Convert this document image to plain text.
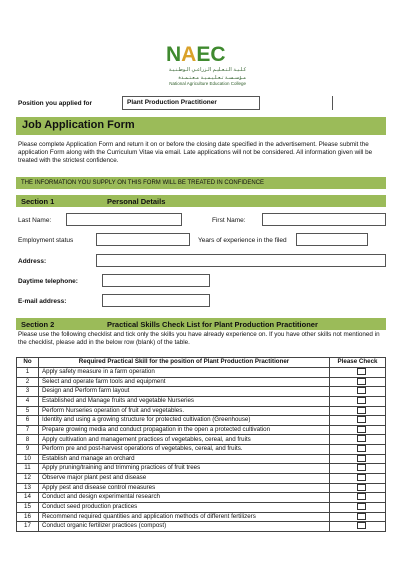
NAEC
كـلـيـة الـتـعـليـم الـزراعـي الـوطـنـيـة
مـؤسـسـة تـعـلـيـمـيـة مـعـتـمـدة
National Agriculture Education College
Position you applied for	Plant Production Practitioner
Job Application Form
Please complete Application Form and return it on or before the closing date specified in the advertisement. Please submit the application Form along with the Curriculum Vitae via email. Late applications will not be considered. All information given will be treated with the strictest confidence.
THE INFORMATION YOU SUPPLY ON THIS FORM WILL BE TREATED IN CONFIDENCE
Section 1	Personal Details
Last Name:	First Name:
Employment status	Years of experience in the filed
Address:
Daytime telephone:
E-mail address:
Section 2	Practical Skills Check List for Plant Production Practitioner
Please use the following checklist and tick only the skills you have already experience on. If you have other skills not mentioned in the checklist, please add in the below row (blank) of the table.
No	Required Practical Skill for the position of Plant Production Practitioner	Please Check
1	Apply safety measure in a farm operation	
2	Select and operate farm tools and equipment	
3	Design and Perform farm layout	
4	Established and Manage fruits and vegetable Nurseries	
5	Perform Nurseries operation of fruit and vegetables.	
6	Identity and using a growing structure for protected cultivation (Greenhouse)	
7	Prepare growing media and conduct propagation in the open a protected cultivation	
8	Apply cultivation and management practices of vegetables, cereal, and fruits	
9	Perform pre and post-harvest operations of vegetables, cereal, and fruits.	
10	Establish and manage an orchard	
11	Apply pruning/training and trimming practices of fruit trees	
12	Observe major plant pest and disease	
13	Apply pest and disease control measures	
14	Conduct and design experimental research	
15	Conduct seed production practices	
16	Recommend required quantities and application methods of different fertilizers	
17	Conduct organic fertilizer practices (compost)	
